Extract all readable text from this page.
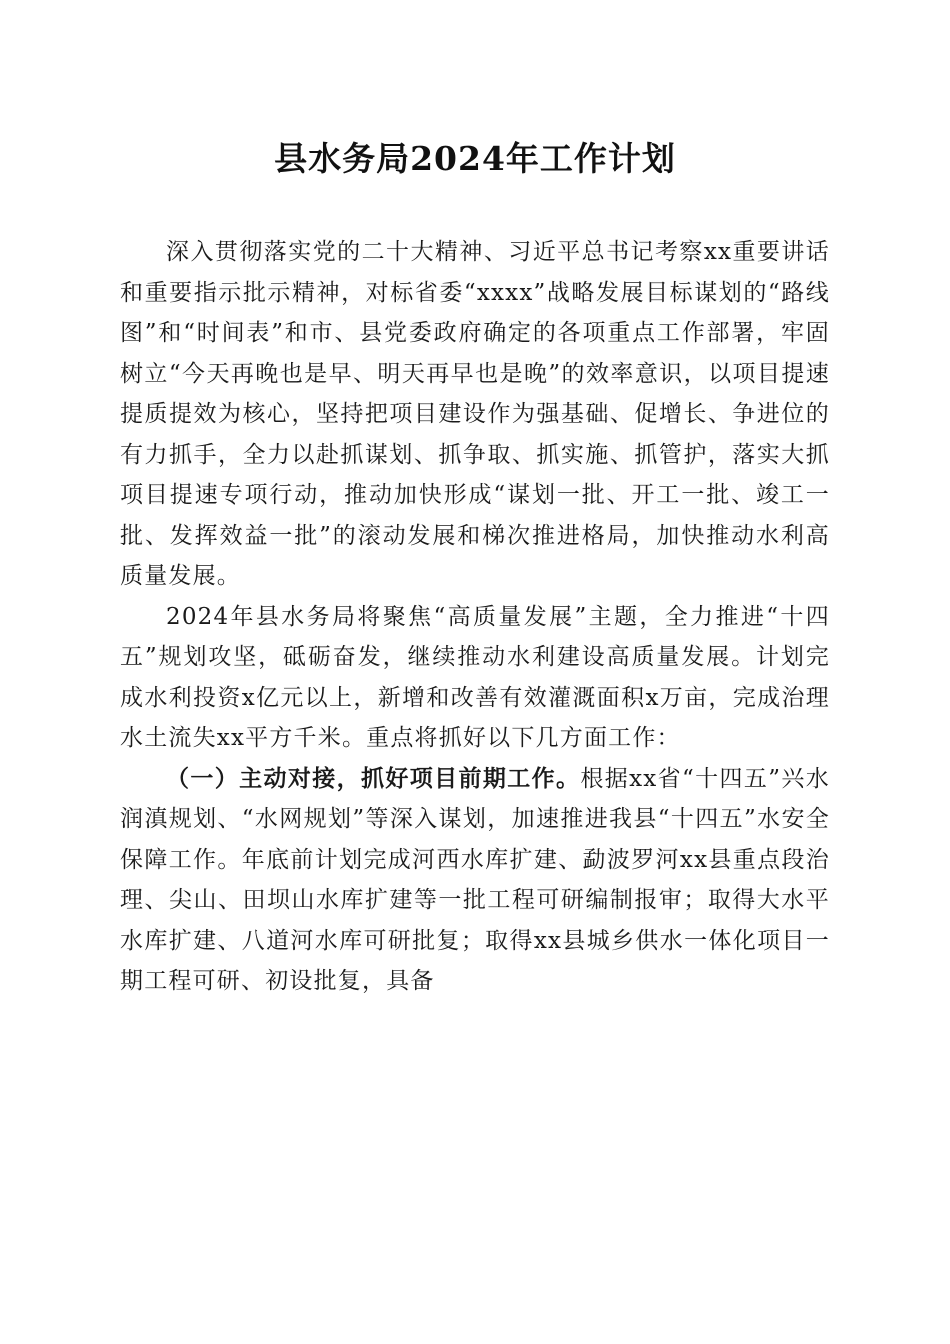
县水务局2024年工作计划

深入贯彻落实党的二十大精神、习近平总书记考察xx重要讲话和重要指示批示精神，对标省委“xxxx”战略发展目标谋划的“路线图”和“时间表”和市、县党委政府确定的各项重点工作部署，牢固树立“今天再晚也是早、明天再早也是晚”的效率意识，以项目提速提质提效为核心，坚持把项目建设作为强基础、促增长、争进位的有力抓手，全力以赴抓谋划、抓争取、抓实施、抓管护，落实大抓项目提速专项行动，推动加快形成“谋划一批、开工一批、竣工一批、发挥效益一批”的滚动发展和梯次推进格局，加快推动水利高质量发展。

2024年县水务局将聚焦“高质量发展”主题，全力推进“十四五”规划攻坚，砥砺奋发，继续推动水利建设高质量发展。计划完成水利投资x亿元以上，新增和改善有效灌溉面积x万亩，完成治理水土流失xx平方千米。重点将抓好以下几方面工作：

（一）主动对接，抓好项目前期工作。根据xx省“十四五”兴水润滇规划、“水网规划”等深入谋划，加速推进我县“十四五”水安全保障工作。年底前计划完成河西水库扩建、勐波罗河xx县重点段治理、尖山、田坝山水库扩建等一批工程可研编制报审；取得大水平水库扩建、八道河水库可研批复；取得xx县城乡供水一体化项目一期工程可研、初设批复，具备
